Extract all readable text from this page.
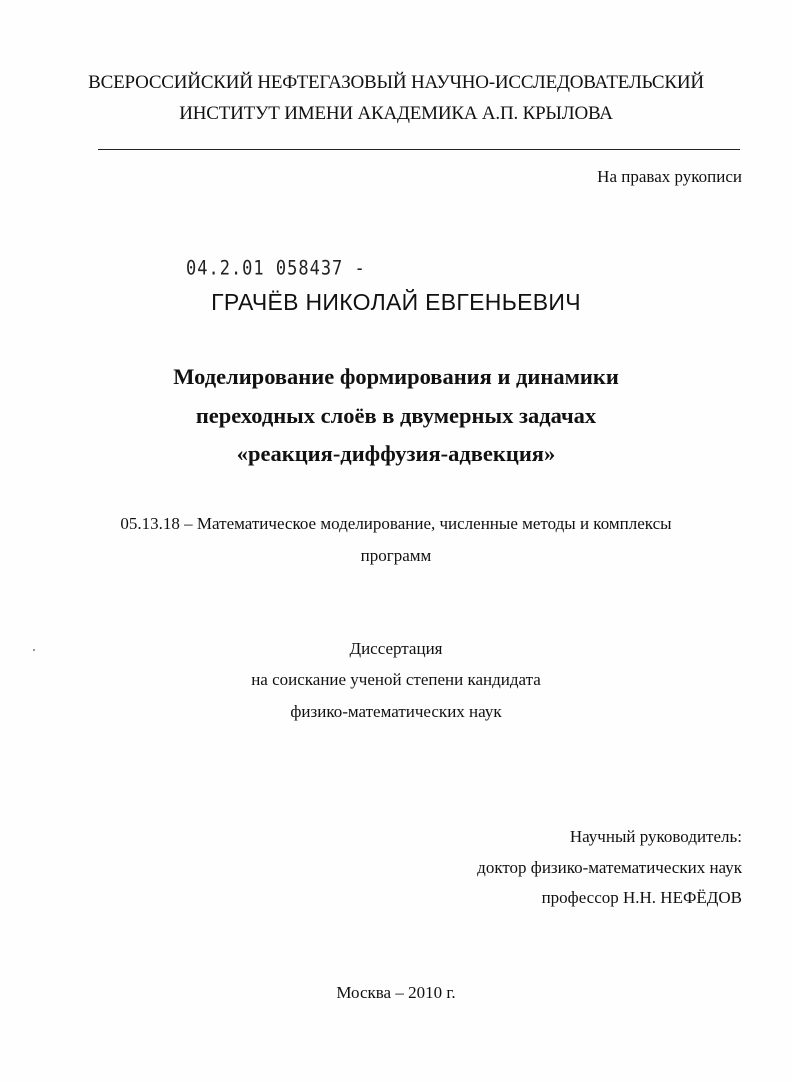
ВСЕРОССИЙСКИЙ НЕФТЕГАЗОВЫЙ НАУЧНО-ИССЛЕДОВАТЕЛЬСКИЙ
ИНСТИТУТ ИМЕНИ АКАДЕМИКА А.П. КРЫЛОВА
На правах рукописи
04.2.01 058437 -
ГРАЧЁВ НИКОЛАЙ ЕВГЕНЬЕВИЧ
Моделирование формирования и динамики
переходных слоёв в двумерных задачах
«реакция-диффузия-адвекция»
05.13.18 – Математическое моделирование, численные методы и комплексы
программ
Диссертация
на соискание ученой степени кандидата
физико-математических наук
Научный руководитель:
доктор физико-математических наук
профессор Н.Н. НЕФЁДОВ
Москва – 2010 г.
